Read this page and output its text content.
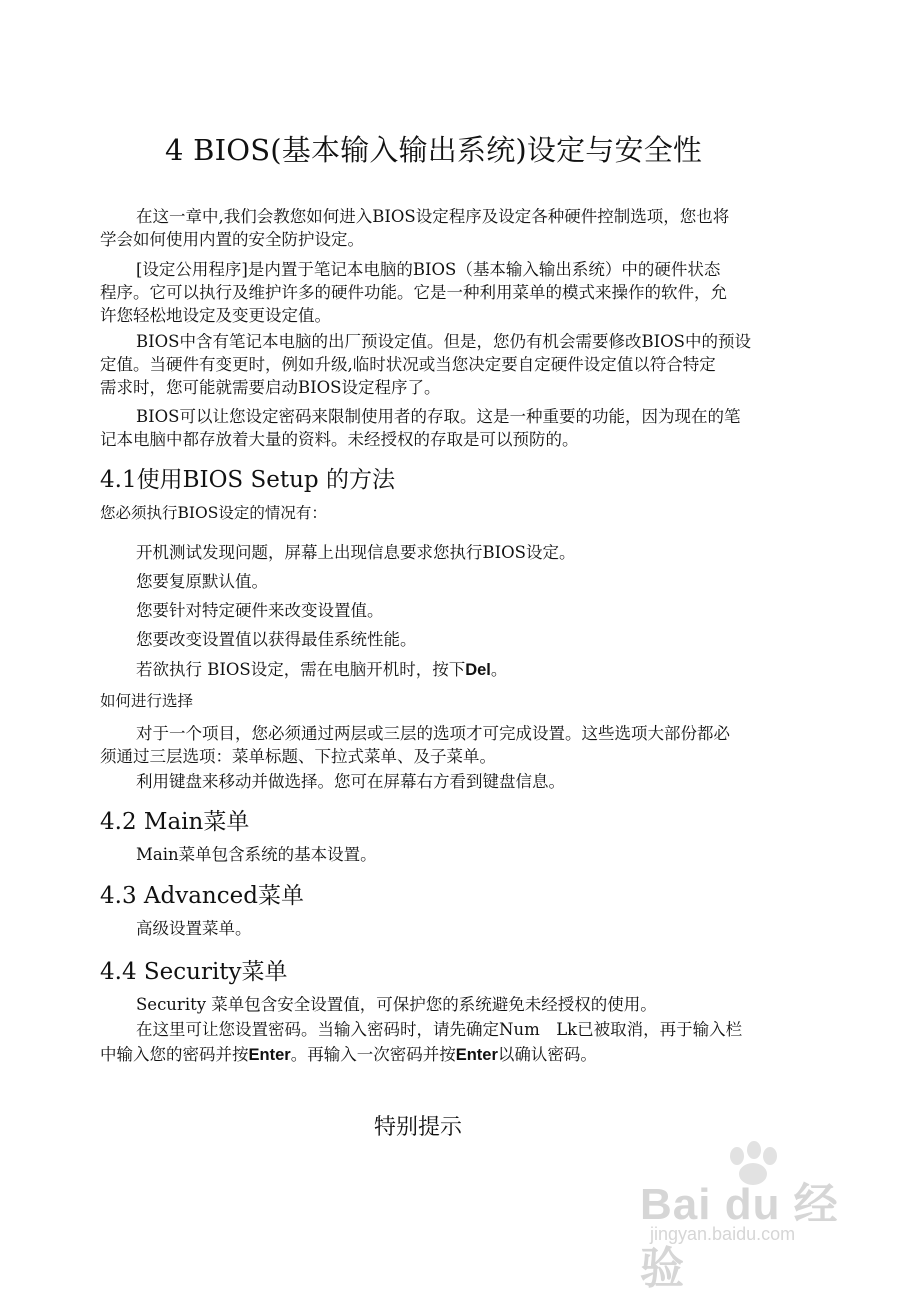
4 BIOS(基本输入输出系统)设定与安全性
在这一章中,我们会教您如何进入BIOS设定程序及设定各种硬件控制选项，您也将
学会如何使用内置的安全防护设定。
[设定公用程序]是内置于笔记本电脑的BIOS（基本输入输出系统）中的硬件状态
程序。它可以执行及维护许多的硬件功能。它是一种利用菜单的模式来操作的软件，允
许您轻松地设定及变更设定值。
BIOS中含有笔记本电脑的出厂预设定值。但是，您仍有机会需要修改BIOS中的预设
定值。当硬件有变更时，例如升级,临时状况或当您决定要自定硬件设定值以符合特定
需求时，您可能就需要启动BIOS设定程序了。
BIOS可以让您设定密码来限制使用者的存取。这是一种重要的功能，因为现在的笔
记本电脑中都存放着大量的资料。未经授权的存取是可以预防的。
4.1使用BIOS Setup 的方法
您必须执行BIOS设定的情况有：
开机测试发现问题，屏幕上出现信息要求您执行BIOS设定。
您要复原默认值。
您要针对特定硬件来改变设置值。
您要改变设置值以获得最佳系统性能。
若欲执行 BIOS设定，需在电脑开机时，按下Del。
如何进行选择
对于一个项目，您必须通过两层或三层的选项才可完成设置。这些选项大部份都必
须通过三层选项：菜单标题、下拉式菜单、及子菜单。
利用键盘来移动并做选择。您可在屏幕右方看到键盘信息。
4.2 Main菜单
Main菜单包含系统的基本设置。
4.3 Advanced菜单
高级设置菜单。
4.4 Security菜单
Security 菜单包含安全设置值，可保护您的系统避免未经授权的使用。
在这里可让您设置密码。当输入密码时，请先确定Num　Lk已被取消，再于输入栏
中输入您的密码并按Enter。再输入一次密码并按Enter以确认密码。
特别提示
Bai du 经验
jingyan.baidu.com
